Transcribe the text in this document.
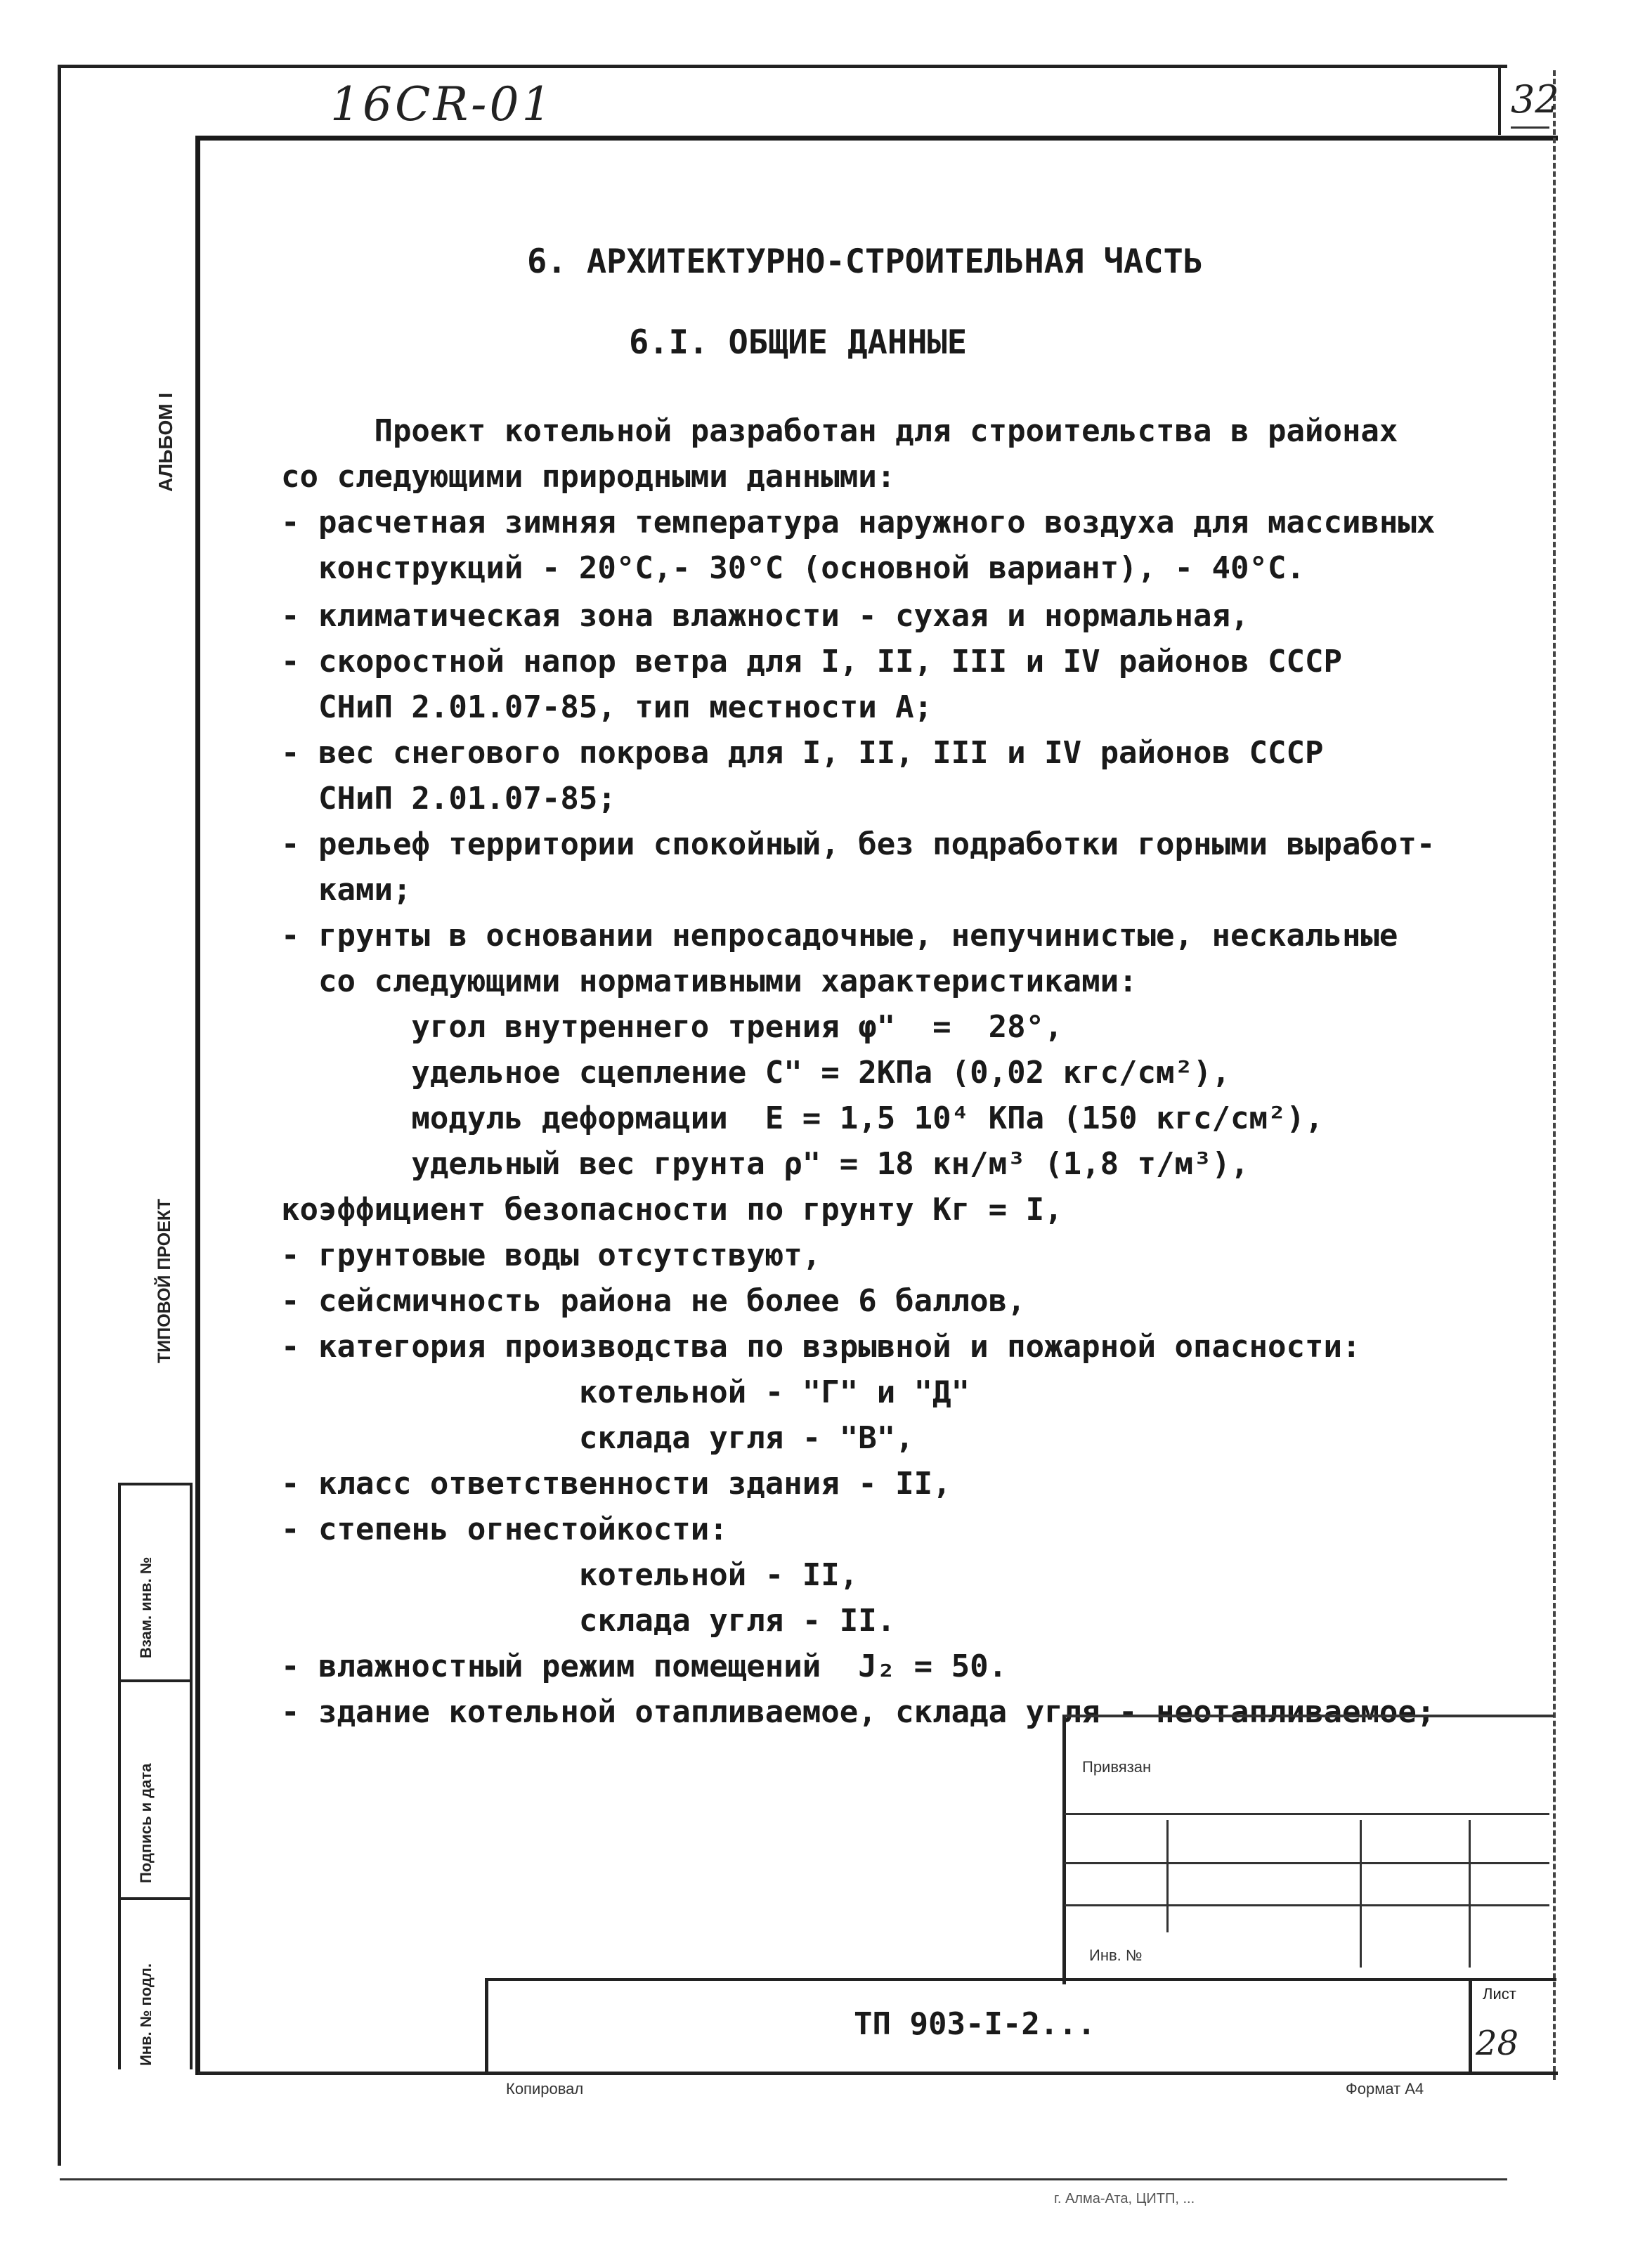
16СR-01	32
6. АРХИТЕКТУРНО-СТРОИТЕЛЬНАЯ ЧАСТЬ
6.I. ОБЩИЕ ДАННЫЕ
Проект котельной разработан для строительства в районах
со следующими природными данными:
- расчетная зимняя температура наружного воздуха для массивных
конструкций - 20°С,- 30°С (основной вариант), - 40°С.
- климатическая зона влажности - сухая и нормальная,
- скоростной напор ветра для I, II, III и IV районов СССР
СНиП 2.01.07-85, тип местности А;
- вес снегового покрова для I, II, III и IV районов СССР
СНиП 2.01.07-85;
- рельеф территории спокойный, без подработки горными выработ-
ками;
- грунты в основании непросадочные, непучинистые, нескальные
со следующими нормативными характеристиками:
угол внутреннего трения φ"  =  28°,
удельное сцепление С" = 2КПа (0,02 кгс/см²),
модуль деформации  Е = 1,5 10⁴ КПа (150 кгс/см²),
удельный вес грунта ρ" = 18 кн/м³ (1,8 т/м³),
коэффициент безопасности по грунту Кг = I,
- грунтовые воды отсутствуют,
- сейсмичность района не более 6 баллов,
- категория производства по взрывной и пожарной опасности:
котельной - "Г" и "Д"
склада угля - "В",
- класс ответственности здания - II,
- степень огнестойкости:
котельной - II,
склада угля - II.
- влажностный режим помещений  J₂ = 50.
- здание котельной отапливаемое, склада угля - неотапливаемое;
АЛЬБОМ I
ТИПОВОЙ ПРОЕКТ
Взам. инв. №
Подпись и дата
Инв. № подл.
Привязан
Инв. №
ТП 903-I-2...
Лист
28
Копировал	Формат А4
г. Алма-Ата, ЦИТП, ...
